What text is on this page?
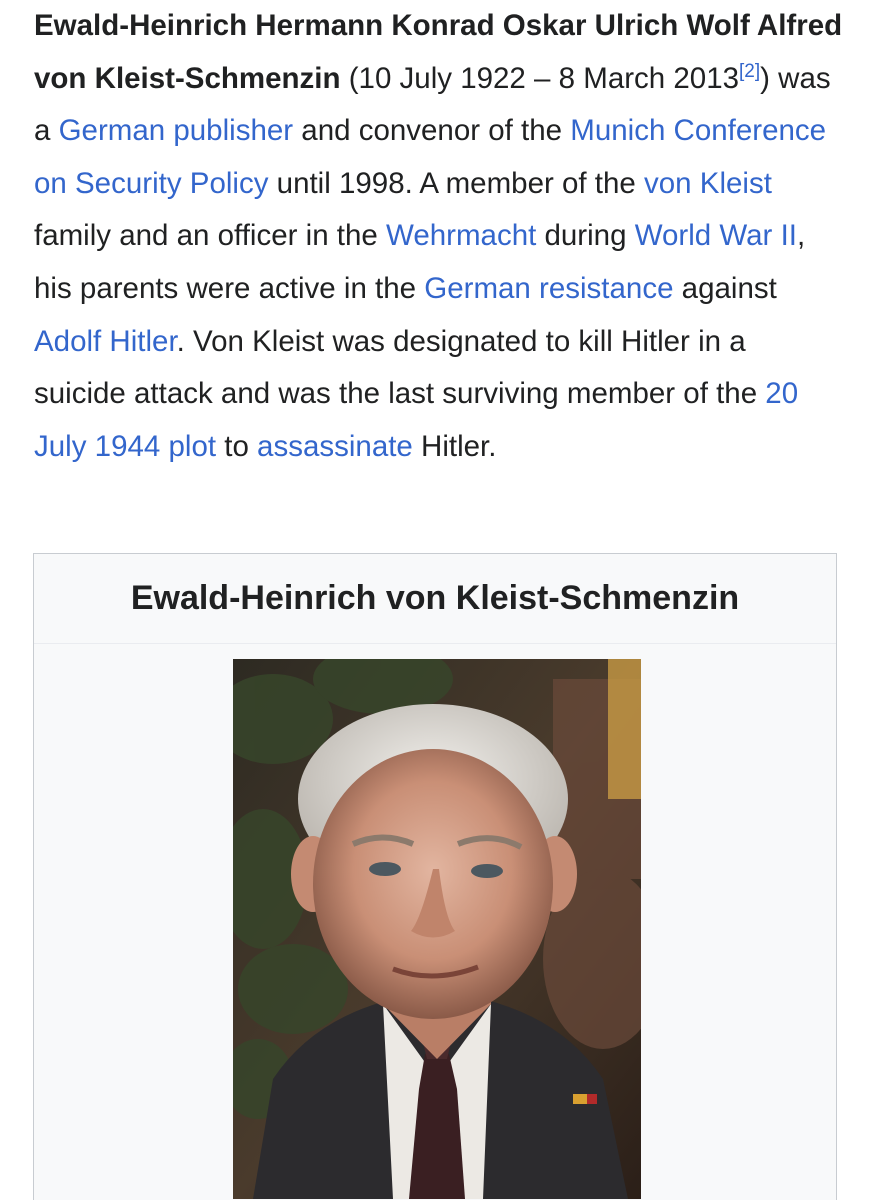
Ewald-Heinrich Hermann Konrad Oskar Ulrich Wolf Alfred von Kleist-Schmenzin (10 July 1922 – 8 March 2013[2]) was a German publisher and convenor of the Munich Conference on Security Policy until 1998. A member of the von Kleist family and an officer in the Wehrmacht during World War II, his parents were active in the German resistance against Adolf Hitler. Von Kleist was designated to kill Hitler in a suicide attack and was the last surviving member of the 20 July 1944 plot to assassinate Hitler.

Ewald-Heinrich von Kleist-Schmenzin
